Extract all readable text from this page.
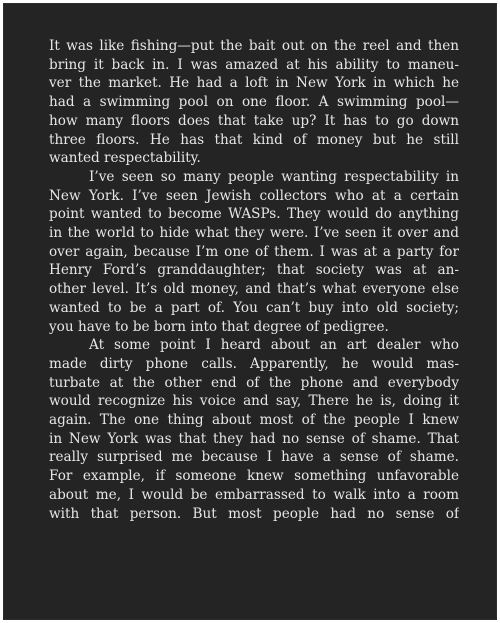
It was like fishing—put the bait out on the reel and then
bring it back in. I was amazed at his ability to maneu-
ver the market. He had a loft in New York in which he
had a swimming pool on one floor. A swimming pool—
how many floors does that take up? It has to go down
three floors. He has that kind of money but he still
wanted respectability.
I’ve seen so many people wanting respectability in
New York. I’ve seen Jewish collectors who at a certain
point wanted to become WASPs. They would do anything
in the world to hide what they were. I’ve seen it over and
over again, because I’m one of them. I was at a party for
Henry Ford’s granddaughter; that society was at an-
other level. It’s old money, and that’s what everyone else
wanted to be a part of. You can’t buy into old society;
you have to be born into that degree of pedigree.
At some point I heard about an art dealer who
made dirty phone calls. Apparently, he would mas-
turbate at the other end of the phone and everybody
would recognize his voice and say, There he is, doing it
again. The one thing about most of the people I knew
in New York was that they had no sense of shame. That
really surprised me because I have a sense of shame.
For example, if someone knew something unfavorable
about me, I would be embarrassed to walk into a room
with that person. But most people had no sense of
